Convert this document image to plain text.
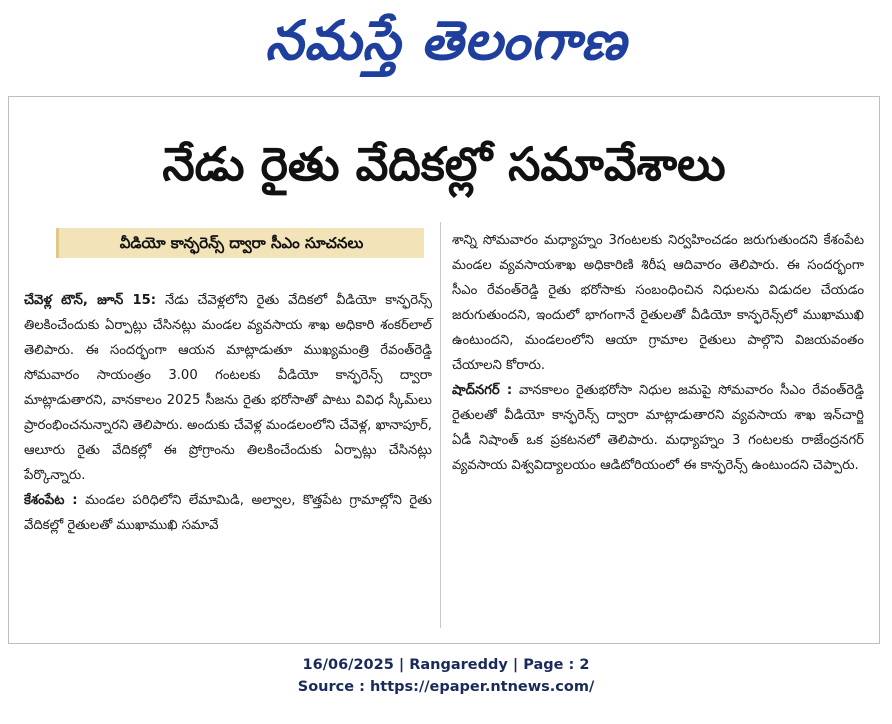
నమస్తే తెలంగాణ
నేడు రైతు వేదికల్లో సమావేశాలు
వీడియో కాన్ఫరెన్స్ ద్వారా సీఎం సూచనలు

చేవెళ్ల టౌన్, జూన్ 15: నేడు చేవెళ్లలోని రైతు వేదికలో వీడియో కాన్ఫరెన్స్ తిలకించేందుకు ఏర్పాట్లు చేసినట్లు మండల వ్యవసాయ శాఖ అధికారి శంకర్‌లాల్ తెలిపారు. ఈ సందర్భంగా ఆయన మాట్లాడుతూ ముఖ్యమంత్రి రేవంత్‌రెడ్డి సోమవారం సాయంత్రం 3.00 గంటలకు వీడియో కాన్ఫరెన్స్ ద్వారా మాట్లాడుతారని, వానకాలం 2025 సీజను రైతు భరోసాతో పాటు వివిధ స్కీమ్‌లు ప్రారంభించనున్నారని తెలిపారు. అందుకు చేవెళ్ల మండలంలోని చేవెళ్ల, ఖానాపూర్, ఆలూరు రైతు వేదికల్లో ఈ ప్రోగ్రాంను తిలకించేందుకు ఏర్పాట్లు చేసినట్లు పేర్కొన్నారు.

కేశంపేట : మండల పరిధిలోని లేమామిడి, అల్వాల, కొత్తపేట గ్రామాల్లోని రైతు వేదికల్లో రైతులతో ముఖాముఖి సమావే

శాన్ని సోమవారం మధ్యాహ్నం 3గంటలకు నిర్వహించడం జరుగుతుందని కేశంపేట మండల వ్యవసాయశాఖ అధికారిణి శిరీష ఆదివారం తెలిపారు. ఈ సందర్భంగా సీఎం రేవంత్‌రెడ్డి రైతు భరోసాకు సంబంధించిన నిధులను విడుదల చేయడం జరుగుతుందని, ఇందులో భాగంగానే రైతులతో వీడియో కాన్ఫరెన్స్‌లో ముఖాముఖి ఉంటుందని, మండలంలోని ఆయా గ్రామాల రైతులు పాల్గొని విజయవంతం చేయాలని కోరారు.

షాద్‌నగర్ : వానకాలం రైతుభరోసా నిధుల జమపై సోమవారం సీఎం రేవంత్‌రెడ్డి రైతులతో వీడియో కాన్ఫరెన్స్ ద్వారా మాట్లాడుతారని వ్యవసాయ శాఖ ఇన్‌చార్జి ఏడీ నిషాంత్ ఒక ప్రకటనలో తెలిపారు. మధ్యాహ్నం 3 గంటలకు రాజేంద్రనగర్ వ్యవసాయ విశ్వవిద్యాలయం ఆడిటోరియంలో ఈ కాన్ఫరెన్స్ ఉంటుందని చెప్పారు.

16/06/2025 | Rangareddy | Page : 2
Source : https://epaper.ntnews.com/
